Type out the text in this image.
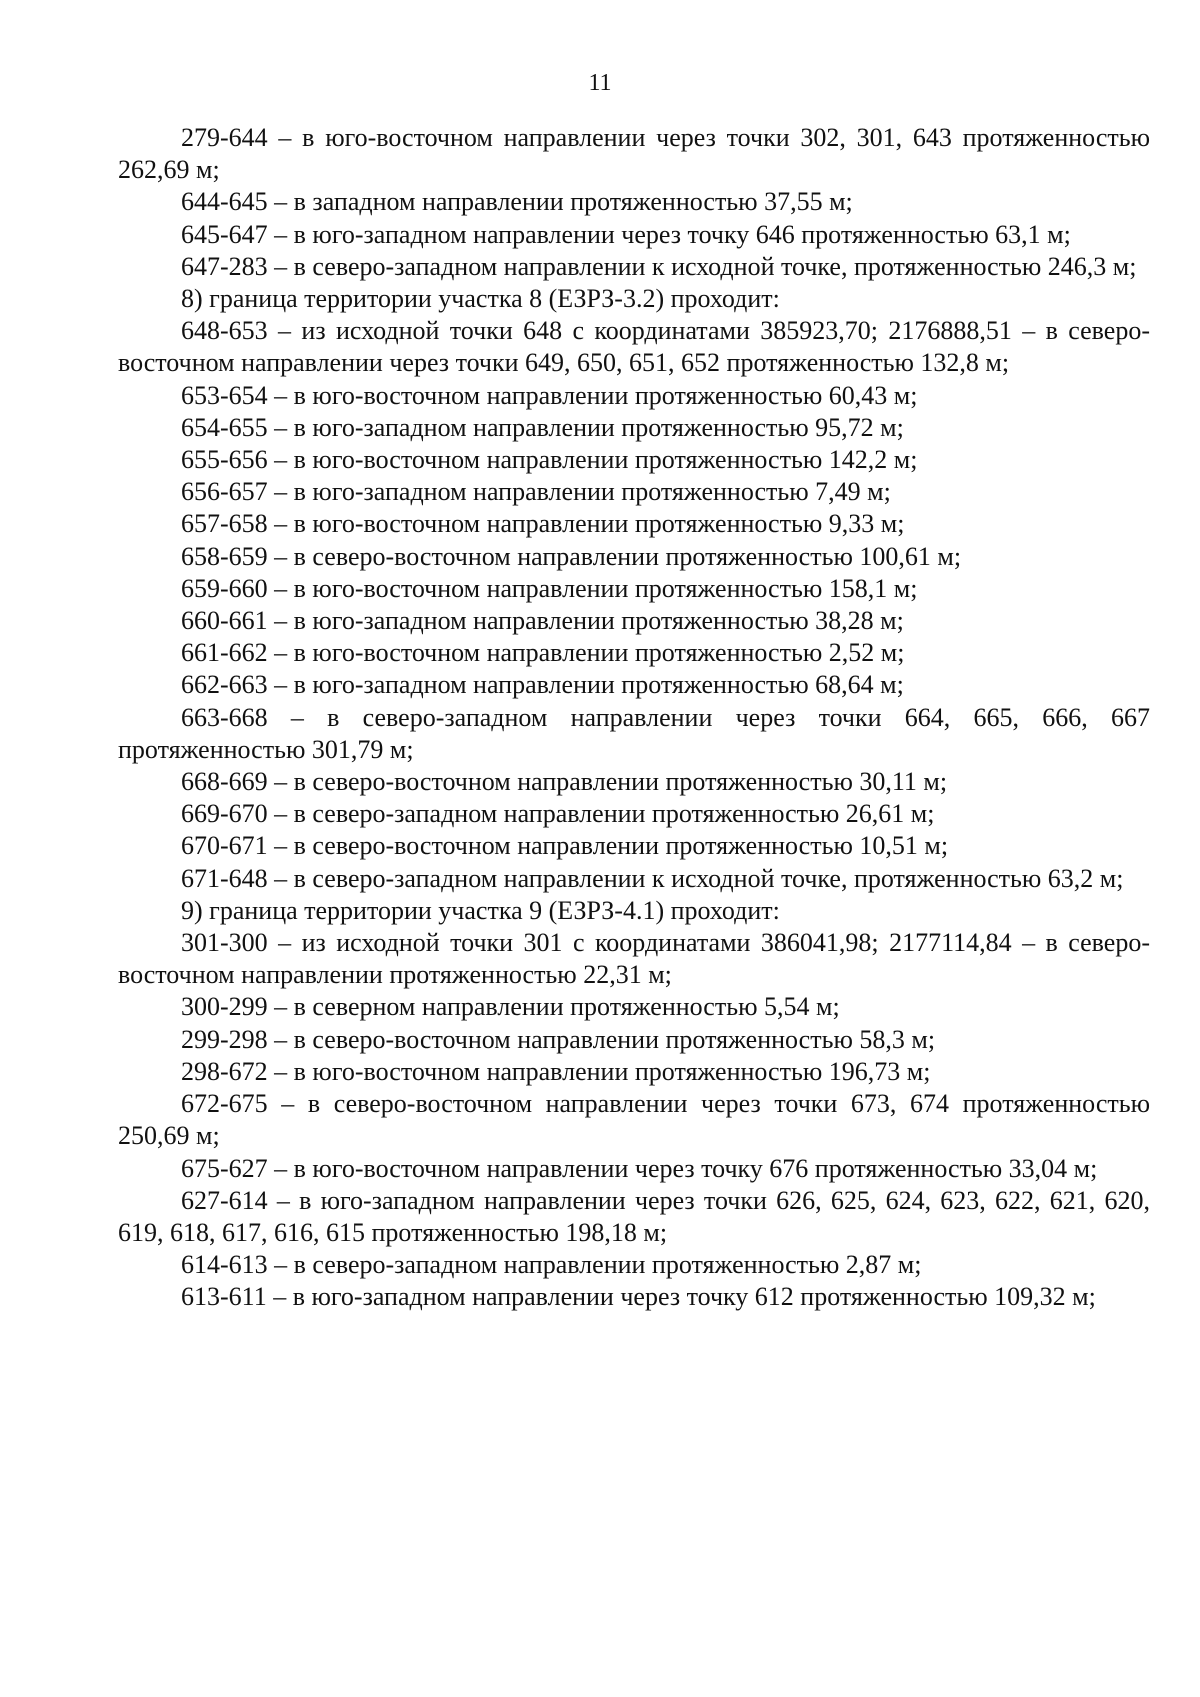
11

279-644 – в юго-восточном направлении через точки 302, 301, 643 протяженностью 262,69 м;

644-645 – в западном направлении протяженностью 37,55 м;

645-647 – в юго-западном направлении через точку 646 протяженностью 63,1 м;

647-283 – в северо-западном направлении к исходной точке, протяженностью 246,3 м;

8) граница территории участка 8 (ЕЗРЗ-3.2) проходит:

648-653 – из исходной точки 648 с координатами 385923,70; 2176888,51 – в северо-восточном направлении через точки 649, 650, 651, 652 протяженностью 132,8 м;

653-654 – в юго-восточном направлении протяженностью 60,43 м;

654-655 – в юго-западном направлении протяженностью 95,72 м;

655-656 – в юго-восточном направлении протяженностью 142,2 м;

656-657 – в юго-западном направлении протяженностью 7,49 м;

657-658 – в юго-восточном направлении протяженностью 9,33 м;

658-659 – в северо-восточном направлении протяженностью 100,61 м;

659-660 – в юго-восточном направлении протяженностью 158,1 м;

660-661 – в юго-западном направлении протяженностью 38,28 м;

661-662 – в юго-восточном направлении протяженностью 2,52 м;

662-663 – в юго-западном направлении протяженностью 68,64 м;

663-668 – в северо-западном направлении через точки 664, 665, 666, 667 протяженностью 301,79 м;

668-669 – в северо-восточном направлении протяженностью 30,11 м;

669-670 – в северо-западном направлении протяженностью 26,61 м;

670-671 – в северо-восточном направлении протяженностью 10,51 м;

671-648 – в северо-западном направлении к исходной точке, протяженностью 63,2 м;

9) граница территории участка 9 (ЕЗРЗ-4.1) проходит:

301-300 – из исходной точки 301 с координатами 386041,98; 2177114,84 – в северо-восточном направлении протяженностью 22,31 м;

300-299 – в северном направлении протяженностью 5,54 м;

299-298 – в северо-восточном направлении протяженностью 58,3 м;

298-672 – в юго-восточном направлении протяженностью 196,73 м;

672-675 – в северо-восточном направлении через точки 673, 674 протяженностью 250,69 м;

675-627 – в юго-восточном направлении через точку 676 протяженностью 33,04 м;

627-614 – в юго-западном направлении через точки 626, 625, 624, 623, 622, 621, 620, 619, 618, 617, 616, 615 протяженностью 198,18 м;

614-613 – в северо-западном направлении протяженностью 2,87 м;

613-611 – в юго-западном направлении через точку 612 протяженностью 109,32 м;
